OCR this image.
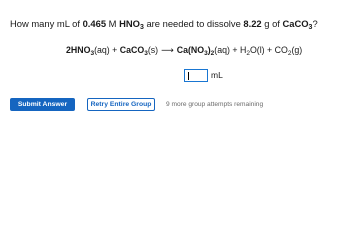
How many mL of 0.465 M $HNO_3$ are needed to dissolve 8.22 g of CaCO$_3$?
$2HNO_3(aq)$ + CaCO$_3$(s) ⟶ $Ca(NO_3)_2(aq) + H_2O(l) + CO_2(g)$
mL
Submit Answer	Retry Entire Group	9 more group attempts remaining
